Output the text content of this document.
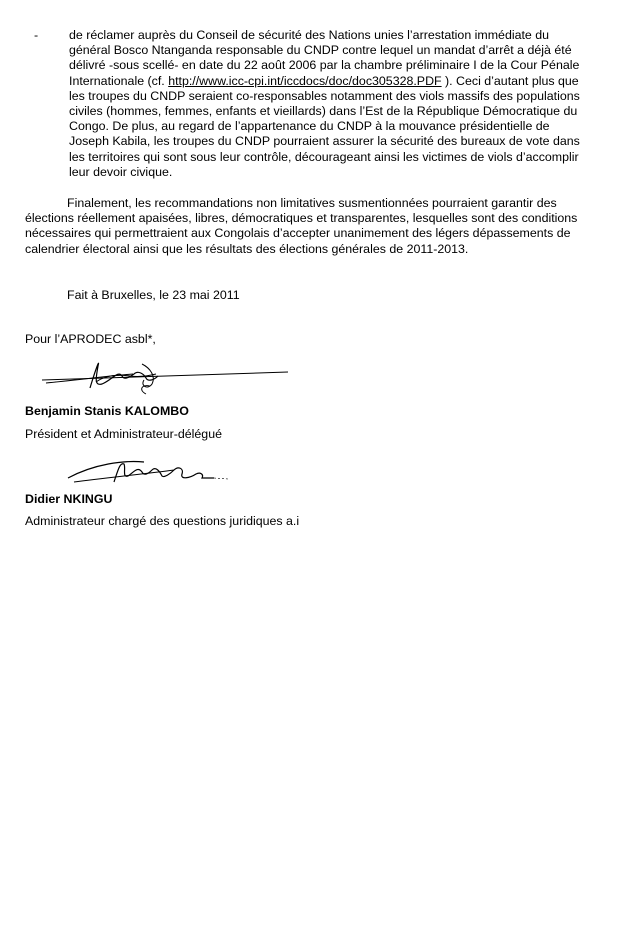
- de réclamer auprès du Conseil de sécurité des Nations unies l’arrestation immédiate du
général Bosco Ntanganda responsable du CNDP contre lequel un mandat d’arrêt a déjà été
délivré -sous scellé- en date du 22 août 2006 par la chambre préliminaire I de la Cour Pénale
Internationale (cf. http://www.icc-cpi.int/iccdocs/doc/doc305328.PDF ). Ceci d’autant plus que
les troupes du CNDP seraient co-responsables notamment des viols massifs des populations
civiles (hommes, femmes, enfants et vieillards) dans l’Est de la République Démocratique du
Congo. De plus, au regard de l’appartenance du CNDP à la mouvance présidentielle de
Joseph Kabila, les troupes du CNDP pourraient assurer la sécurité des bureaux de vote dans
les territoires qui sont sous leur contrôle, décourageant ainsi les victimes de viols d’accomplir
leur devoir civique.
Finalement, les recommandations non limitatives susmentionnées pourraient garantir des
élections réellement apaisées, libres, démocratiques et transparentes, lesquelles sont des conditions
nécessaires qui permettraient aux Congolais d’accepter unanimement des légers dépassements de
calendrier électoral ainsi que les résultats des élections générales de 2011-2013.
Fait à Bruxelles, le 23 mai 2011
Pour l’APRODEC asbl*,
Benjamin Stanis KALOMBO
Président et Administrateur-délégué
Didier NKINGU
Administrateur chargé des questions juridiques a.i
